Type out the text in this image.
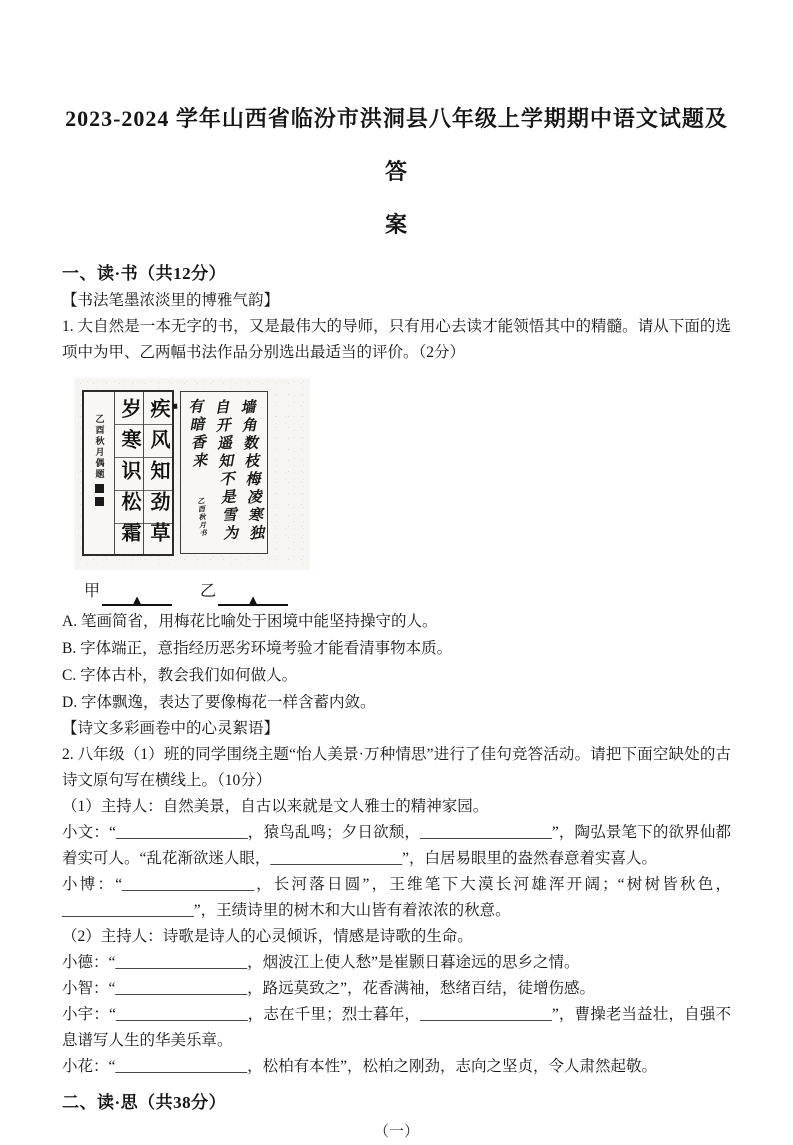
2023-2024 学年山西省临汾市洪洞县八年级上学期期中语文试题及答
案
一、读·书（共12分）

【书法笔墨浓淡里的博雅气韵】

1. 大自然是一本无字的书，又是最伟大的导师，只有用心去读才能领悟其中的精髓。请从下面的选项中为甲、乙两幅书法作品分别选出最适当的评价。（2分）

乙酉秋月偶题 岁寒识松霜 疾风知劲草	墙角数枝梅凌寒独
自开遥知不是雪为
有暗香来 乙酉秋月书

甲 ▲	乙 ▲

A. 笔画简省，用梅花比喻处于困境中能坚持操守的人。

B. 字体端正，意指经历恶劣环境考验才能看清事物本质。

C. 字体古朴，教会我们如何做人。

D. 字体飘逸，表达了要像梅花一样含蓄内敛。

【诗文多彩画卷中的心灵絮语】

2. 八年级（1）班的同学围绕主题“怡人美景·万种情思”进行了佳句竞答活动。请把下面空缺处的古诗文原句写在横线上。（10分）

（1）主持人：自然美景，自古以来就是文人雅士的精神家园。

小文：“_________________，猿鸟乱鸣；夕日欲颓，_________________”，陶弘景笔下的欲界仙都着实可人。“乱花渐欲迷人眼，_________________”，白居易眼里的盎然春意着实喜人。

小博：“_________________，长河落日圆”，王维笔下大漠长河雄浑开阔；“树树皆秋色，_________________”，王绩诗里的树木和大山皆有着浓浓的秋意。

（2）主持人：诗歌是诗人的心灵倾诉，情感是诗歌的生命。

小德：“_________________，烟波江上使人愁”是崔颢日暮途远的思乡之情。

小智：“_________________，路远莫致之”，花香满袖，愁绪百结，徒增伤感。

小宇：“_________________，志在千里；烈士暮年，_________________”，曹操老当益壮，自强不息谱写人生的华美乐章。

小花：“_________________，松柏有本性”，松柏之刚劲，志向之坚贞，令人肃然起敬。

二、读·思（共38分）

（一）
